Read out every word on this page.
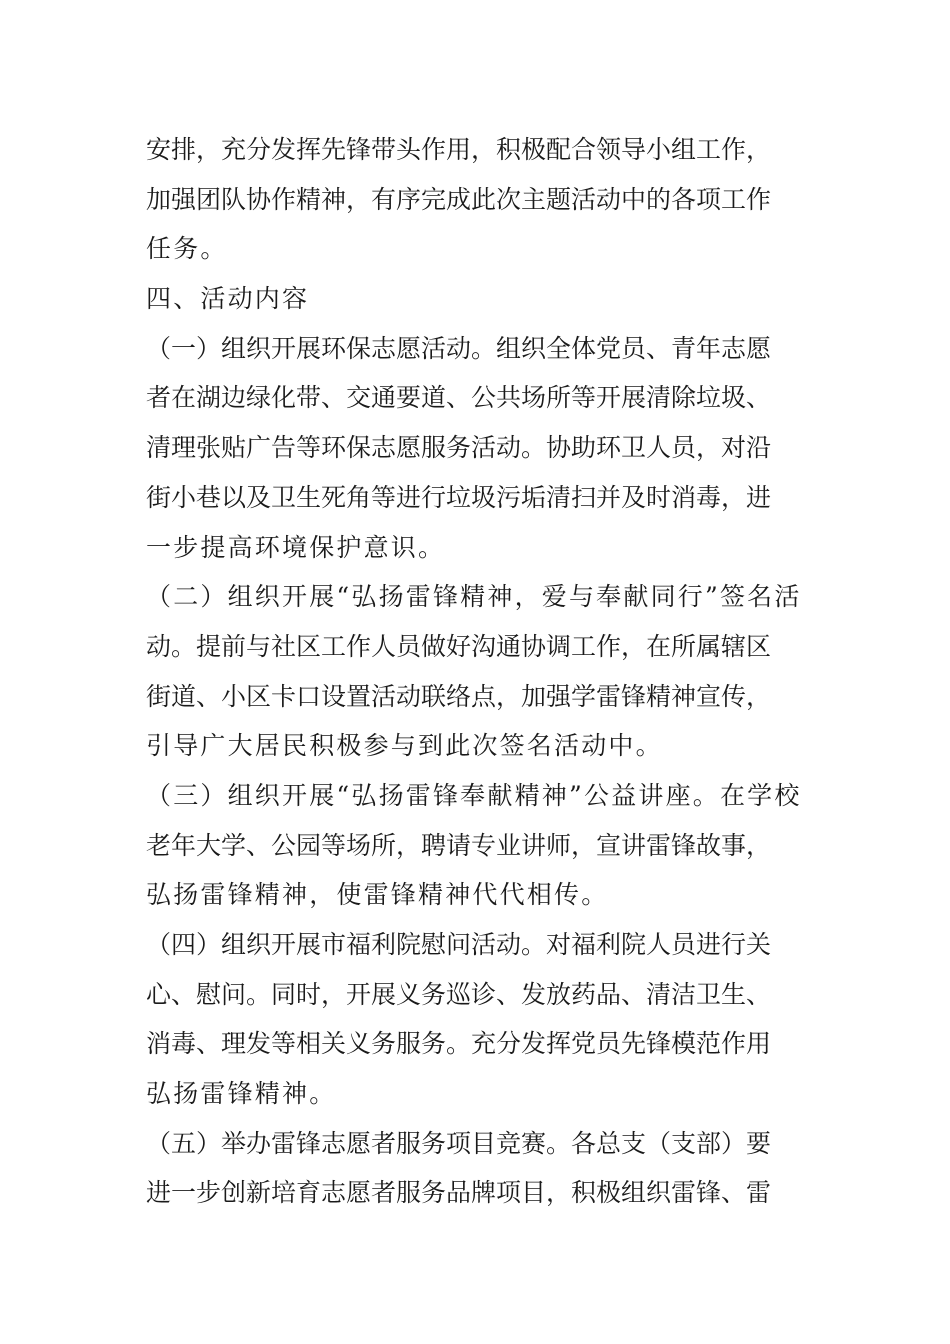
安排，充分发挥先锋带头作用，积极配合领导小组工作，
加强团队协作精神，有序完成此次主题活动中的各项工作
任务。
四、活动内容
（一）组织开展环保志愿活动。组织全体党员、青年志愿
者在湖边绿化带、交通要道、公共场所等开展清除垃圾、
清理张贴广告等环保志愿服务活动。协助环卫人员，对沿
街小巷以及卫生死角等进行垃圾污垢清扫并及时消毒，进
一步提高环境保护意识。
（二）组织开展“弘扬雷锋精神，爱与奉献同行”签名活
动。提前与社区工作人员做好沟通协调工作，在所属辖区
街道、小区卡口设置活动联络点，加强学雷锋精神宣传，
引导广大居民积极参与到此次签名活动中。
（三）组织开展“弘扬雷锋奉献精神”公益讲座。在学校
老年大学、公园等场所，聘请专业讲师，宣讲雷锋故事，
弘扬雷锋精神，使雷锋精神代代相传。
（四）组织开展市福利院慰问活动。对福利院人员进行关
心、慰问。同时，开展义务巡诊、发放药品、清洁卫生、
消毒、理发等相关义务服务。充分发挥党员先锋模范作用
弘扬雷锋精神。
（五）举办雷锋志愿者服务项目竞赛。各总支（支部）要
进一步创新培育志愿者服务品牌项目，积极组织雷锋、雷
